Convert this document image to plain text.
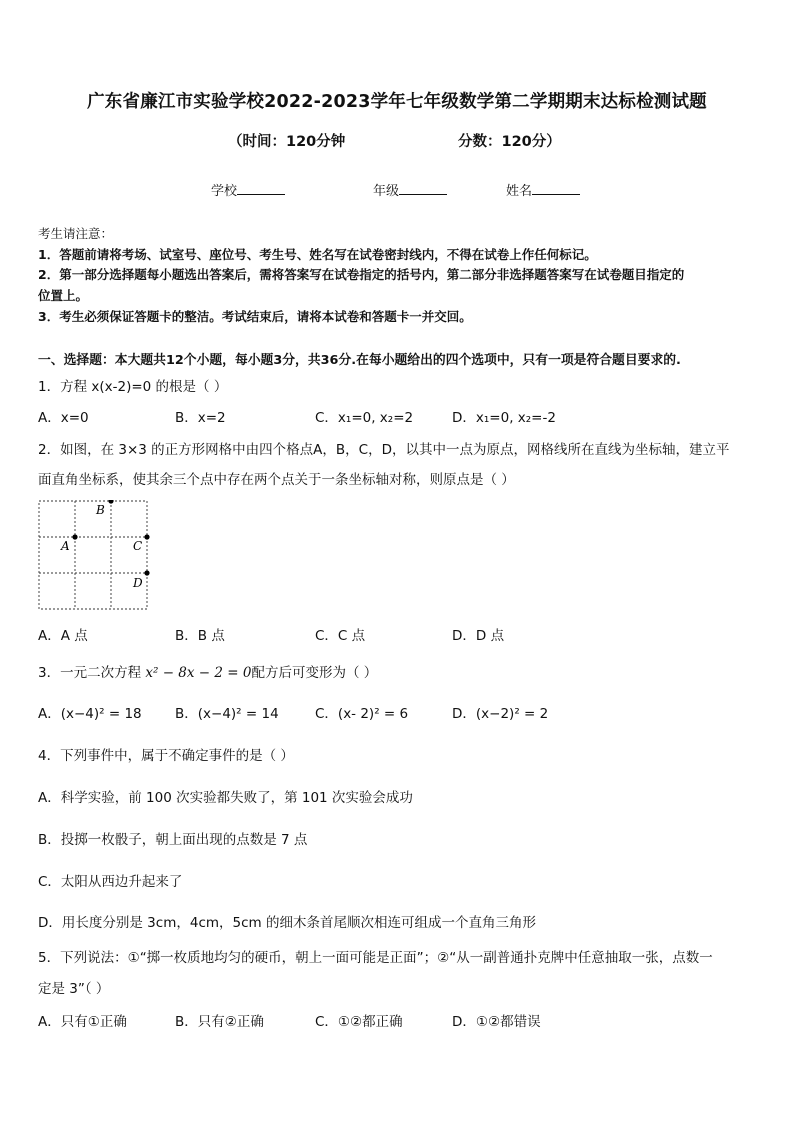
广东省廉江市实验学校2022-2023学年七年级数学第二学期期末达标检测试题
（时间：120分钟	分数：120分）
学校	年级	姓名
考生请注意：
1．答题前请将考场、试室号、座位号、考生号、姓名写在试卷密封线内，不得在试卷上作任何标记。
2．第一部分选择题每小题选出答案后，需将答案写在试卷指定的括号内，第二部分非选择题答案写在试卷题目指定的
位置上。
3．考生必须保证答题卡的整洁。考试结束后，请将本试卷和答题卡一并交回。
一、选择题：本大题共12个小题，每小题3分，共36分.在每小题给出的四个选项中，只有一项是符合题目要求的.
1．方程 x(x-2)=0 的根是（ ）
A．x=0	B．x=2	C．x₁=0, x₂=2	D．x₁=0, x₂=-2
2．如图，在 3×3 的正方形网格中由四个格点A，B，C，D，以其中一点为原点，网格线所在直线为坐标轴，建立平
面直角坐标系，使其余三个点中存在两个点关于一条坐标轴对称，则原点是（ ）
B
A	C
D
A．A 点	B．B 点	C．C 点	D．D 点
3．一元二次方程 x² − 8x − 2 = 0配方后可变形为（ ）
A．(x−4)² = 18 B．(x−4)² = 14	C．(x- 2)² = 6	D．(x−2)² = 2
4．下列事件中，属于不确定事件的是（ ）
A．科学实验，前 100 次实验都失败了，第 101 次实验会成功
B．投掷一枚骰子，朝上面出现的点数是 7 点
C．太阳从西边升起来了
D．用长度分别是 3cm，4cm，5cm 的细木条首尾顺次相连可组成一个直角三角形
5．下列说法：①“掷一枚质地均匀的硬币，朝上一面可能是正面”；②“从一副普通扑克牌中任意抽取一张，点数一
定是 3”（ ）
A．只有①正确	B．只有②正确	C．①②都正确	D．①②都错误
